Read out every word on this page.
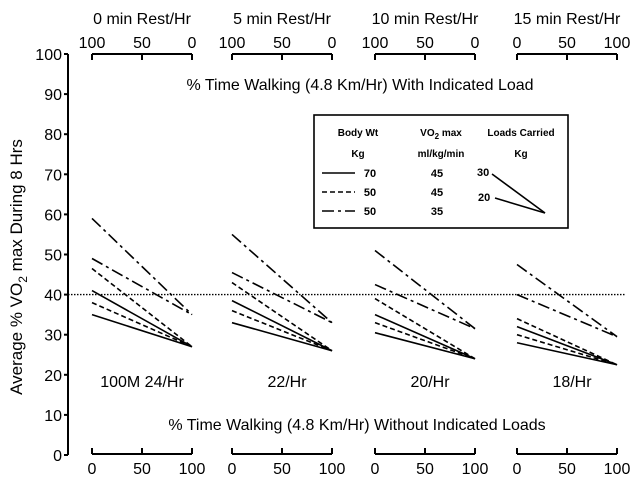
0 min Rest/Hr
100 50 0
5 min Rest/Hr
100 50 0
10 min Rest/Hr
100 50 0
15 min Rest/Hr
0 50 100
0
10
20
30
40
50
60
70
80
90
100
Average % $VO_2$ max During 8 Hrs
% Time Walking (4.8 Km/Hr) With Indicated Load
% Time Walking (4.8 Km/Hr) Without Indicated Loads
100M 24/Hr	22/Hr	20/Hr	18/Hr
0 50 100 0 50 100 0 50 100 0 50 100
Body Wt
Kg
$VO_2$ max
ml/kg/min
Loads Carried
Kg
70	45
50	45
50	35
30
20
